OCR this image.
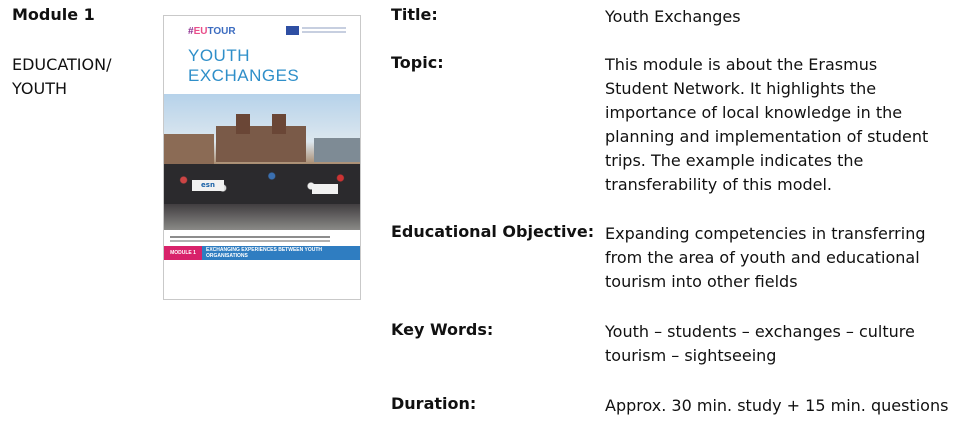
Module 1
EDUCATION/ YOUTH
#EUTOUR
YOUTH
EXCHANGES
esn
MODULE 1	EXCHANGING EXPERIENCES BETWEEN YOUTH ORGANISATIONS
Title:	Youth Exchanges
Topic:	This module is about the Erasmus Student Network. It highlights the importance of local knowledge in the planning and implementation of student trips. The example indicates the transferability of this model.
Educational Objective: Expanding competencies in transferring from the area of youth and educational tourism into other fields
Key Words:	Youth – students – exchanges – culture tourism – sightseeing
Duration:	Approx. 30 min. study + 15 min. questions
